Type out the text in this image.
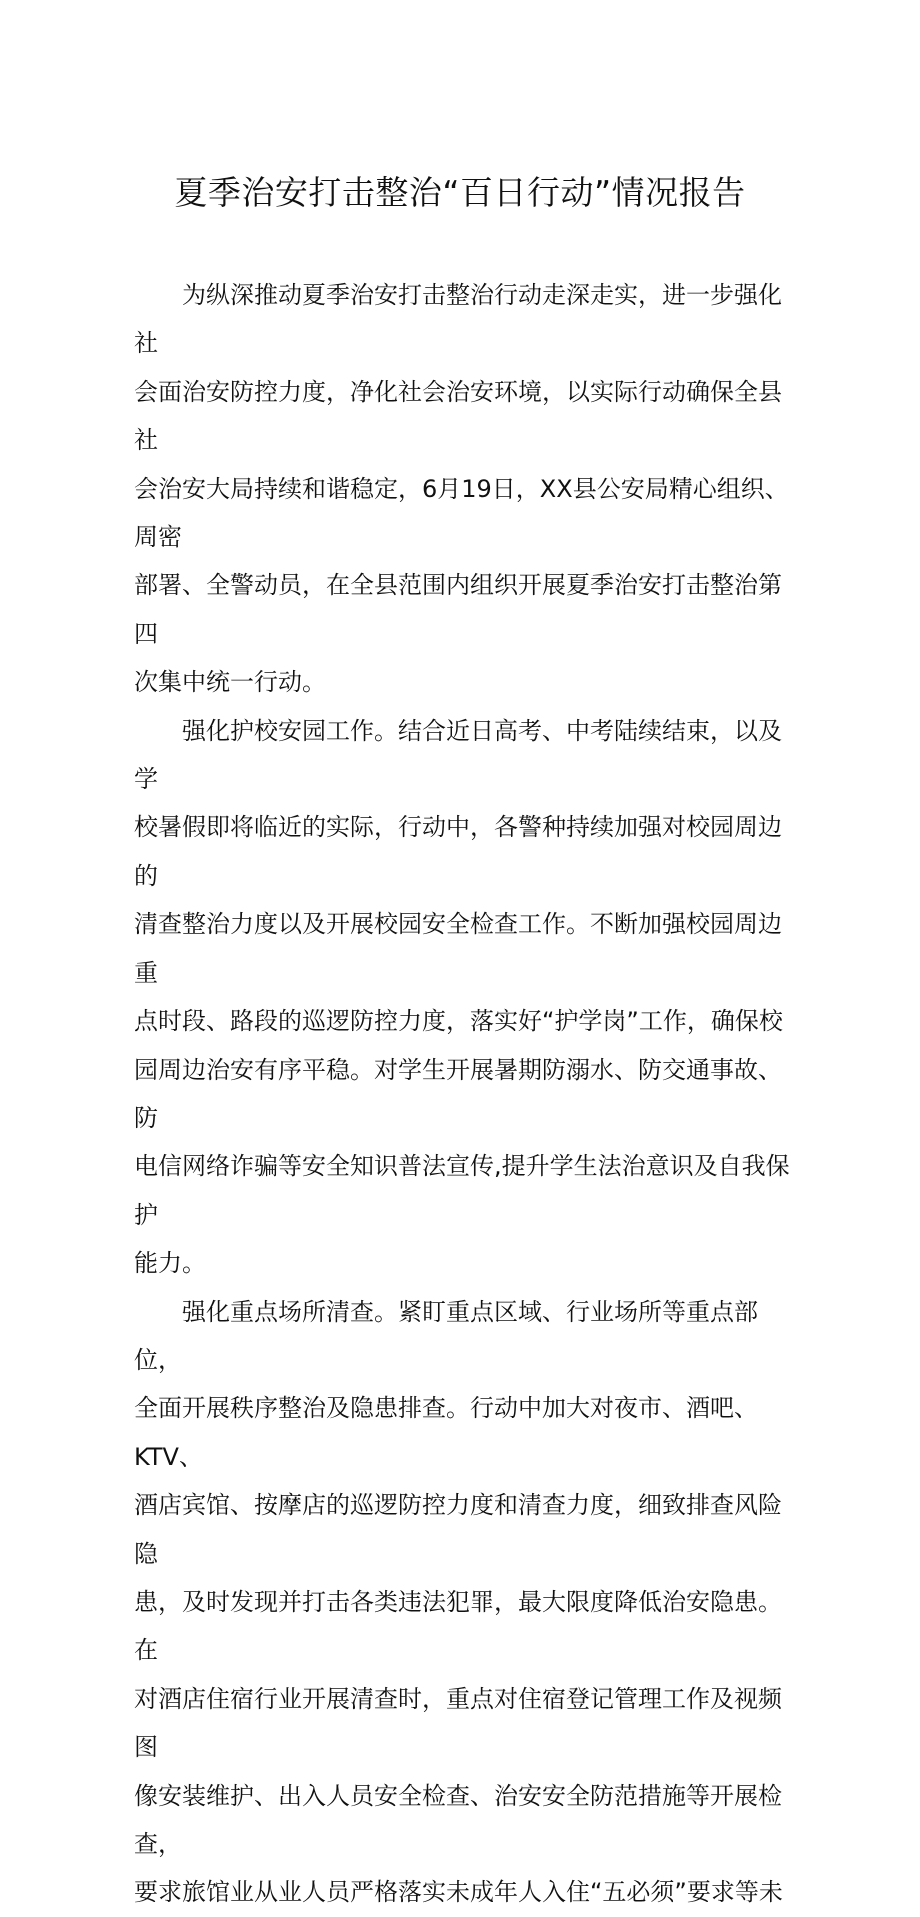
夏季治安打击整治“百日行动”情况报告

　　为纵深推动夏季治安打击整治行动走深走实，进一步强化社
会面治安防控力度，净化社会治安环境，以实际行动确保全县社
会治安大局持续和谐稳定，6月19日，XX县公安局精心组织、周密
部署、全警动员，在全县范围内组织开展夏季治安打击整治第四
次集中统一行动。

　　强化护校安园工作。结合近日高考、中考陆续结束，以及学
校暑假即将临近的实际，行动中，各警种持续加强对校园周边的
清查整治力度以及开展校园安全检查工作。不断加强校园周边重
点时段、路段的巡逻防控力度，落实好“护学岗”工作，确保校
园周边治安有序平稳。对学生开展暑期防溺水、防交通事故、防
电信网络诈骗等安全知识普法宣传,提升学生法治意识及自我保护
能力。

　　强化重点场所清查。紧盯重点区域、行业场所等重点部位，
全面开展秩序整治及隐患排查。行动中加大对夜市、酒吧、KTV、
酒店宾馆、按摩店的巡逻防控力度和清查力度，细致排查风险隐
患，及时发现并打击各类违法犯罪，最大限度降低治安隐患。在
对酒店住宿行业开展清查时，重点对住宿登记管理工作及视频图
像安装维护、出入人员安全检查、治安安全防范措施等开展检查，
要求旅馆业从业人员严格落实未成年人入住“五必须”要求等未
